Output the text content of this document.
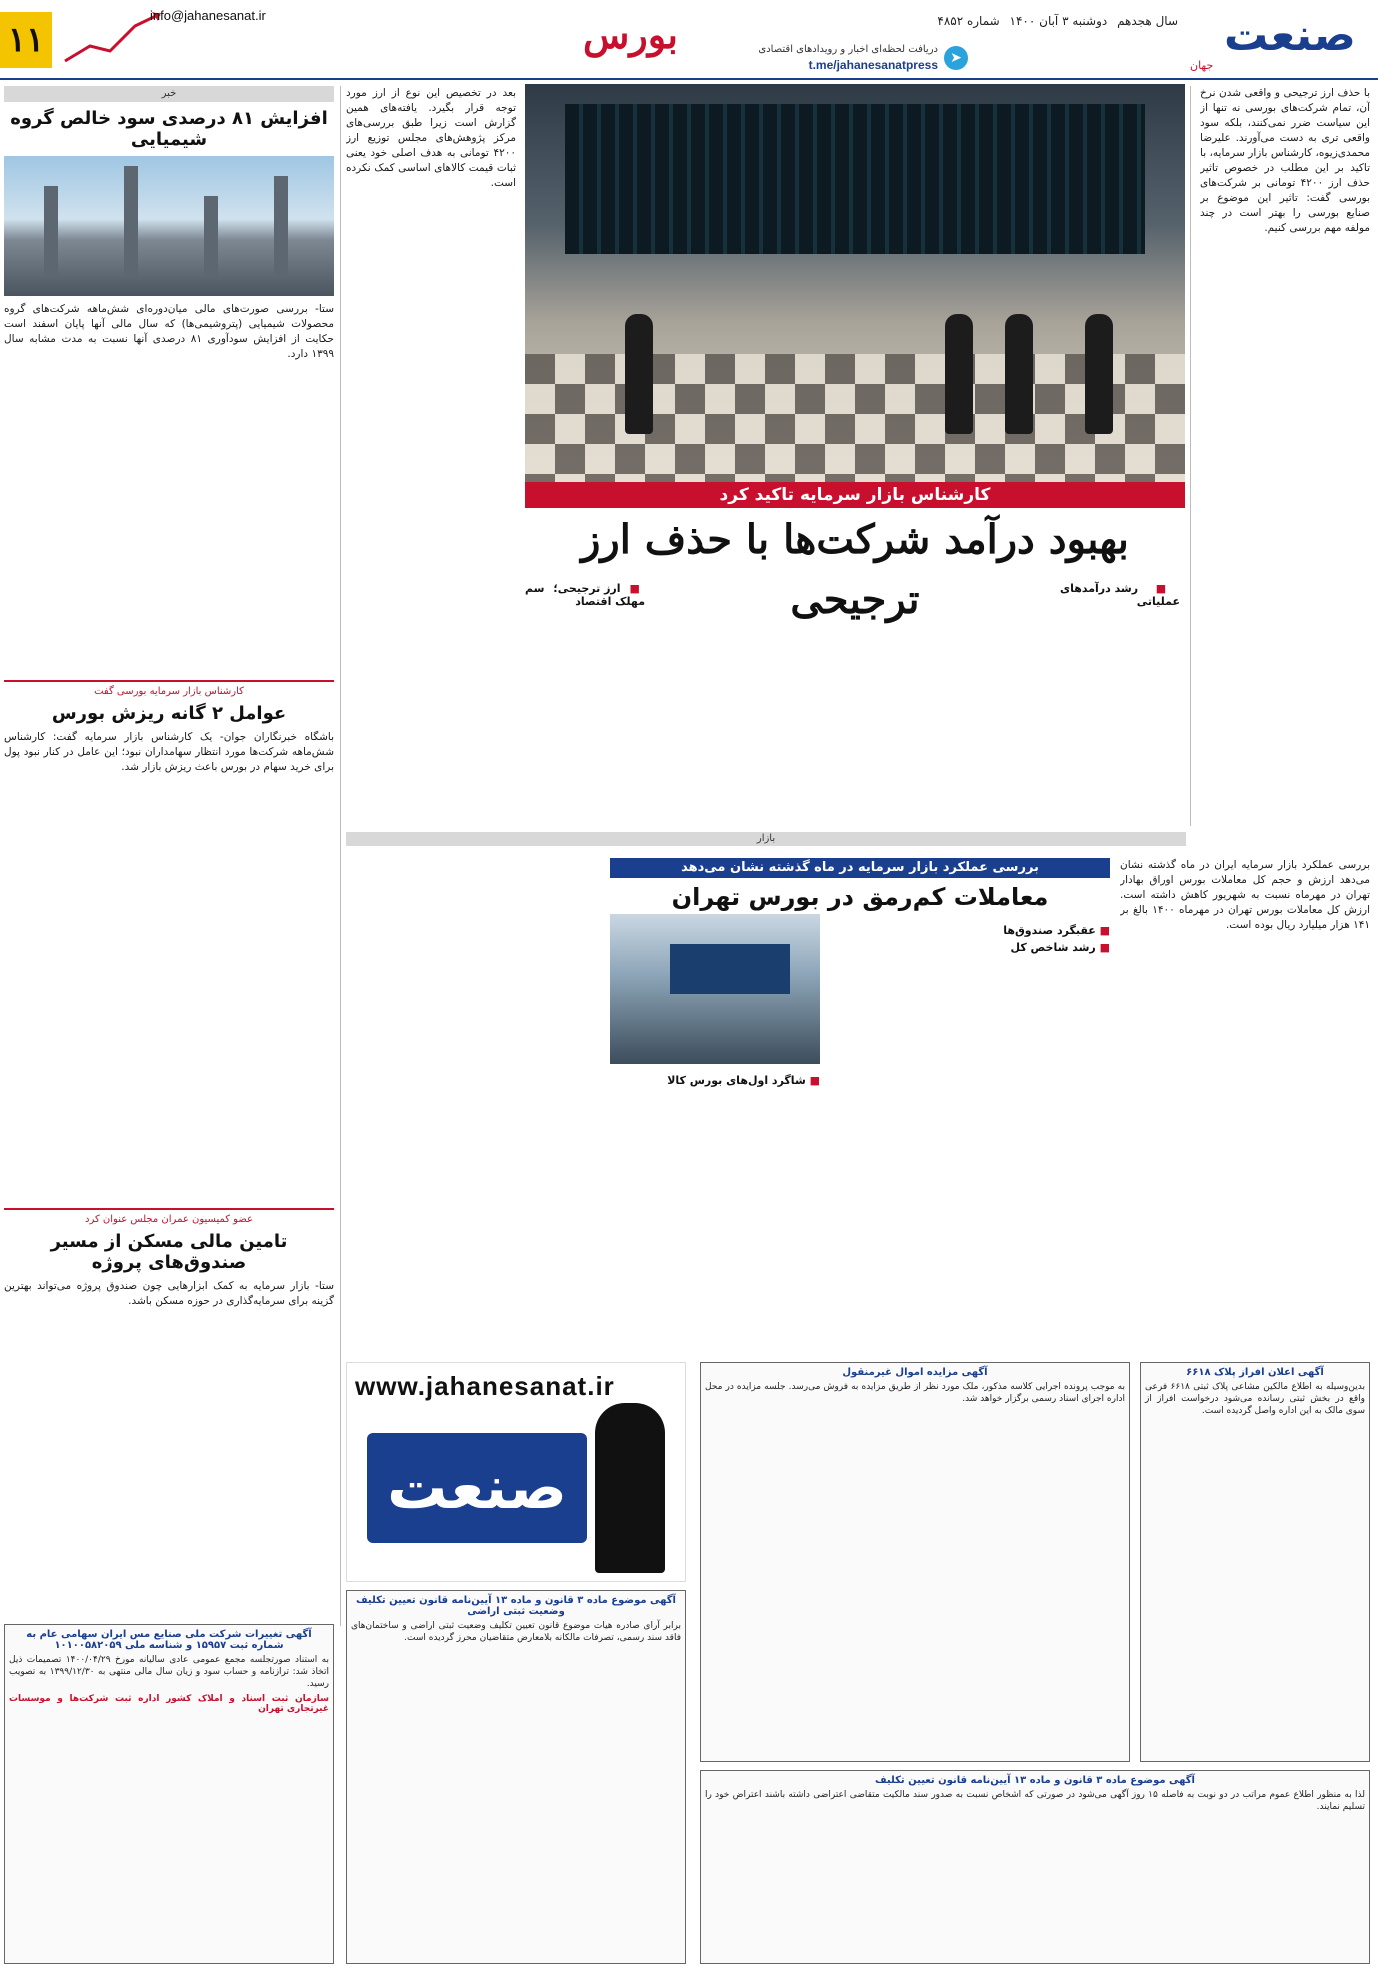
صنعت
جهان
سال هجدهم دوشنبه ۳ آبان ۱۴۰۰ شماره ۴۸۵۲
➤
دریافت لحظه‌ای اخبار و رویدادهای اقتصادی
t.me/jahanesanatpress
بورس
info@jahanesanat.ir
۱۱

با حذف ارز ترجیحی و واقعی شدن نرخ آن، تمام شرکت‌های بورسی نه تنها از این سیاست ضرر نمی‌کنند، بلکه سود واقعی تری به دست می‌آورند. علیرضا محمدی‌زیوه، کارشناس بازار سرمایه، با تاکید بر این مطلب در خصوص تاثیر حذف ارز ۴۲۰۰ تومانی بر شرکت‌های بورسی گفت: تاثیر این موضوع بر صنایع بورسی را بهتر است در چند مولفه مهم بررسی کنیم.

کارشناس بازار سرمایه تاکید کرد
بهبود درآمد شرکت‌ها با حذف ارز ترجیحی

بعد در تخصیص این نوع از ارز مورد توجه قرار بگیرد. یافته‌های همین گزارش است زیرا طبق بررسی‌های مرکز پژوهش‌های مجلس توزیع ارز ۴۲۰۰ تومانی به هدف اصلی خود یعنی ثبات قیمت کالاهای اساسی کمک نکرده است.

■ رشد درآمدهای عملیاتی

■ ارز ترجیحی؛ سم مهلک اقتصاد

خبر
افزایش ۸۱ درصدی سود خالص گروه شیمیایی

ستا- بررسی صورت‌های مالی میان‌دوره‌ای شش‌ماهه شرکت‌های گروه محصولات شیمیایی (پتروشیمی‌ها) که سال مالی آنها پایان اسفند است حکایت از افزایش سودآوری ۸۱ درصدی آنها نسبت به مدت مشابه سال ۱۳۹۹ دارد.

کارشناس بازار سرمایه بورسی گفت
عوامل ۲ گانه ریزش بورس

باشگاه خبرنگاران جوان- یک کارشناس بازار سرمایه گفت: کارشناس شش‌ماهه شرکت‌ها مورد انتظار سهامداران نبود؛ این عامل در کنار نبود پول برای خرید سهام در بورس باعث ریزش بازار شد.

عضو کمیسیون عمران مجلس عنوان کرد
تامین مالی مسکن از مسیر صندوق‌های پروژه

ستا- بازار سرمایه به کمک ابزارهایی چون صندوق پروژه می‌تواند بهترین گزینه برای سرمایه‌گذاری در حوزه مسکن باشد.

بازار

بررسی عملکرد بازار سرمایه ایران در ماه گذشته نشان می‌دهد ارزش و حجم کل معاملات بورس اوراق بهادار تهران در مهرماه نسبت به شهریور کاهش داشته است. ارزش کل معاملات بورس تهران در مهرماه ۱۴۰۰ بالغ بر ۱۴۱ هزار میلیارد ریال بوده است.

بررسی عملکرد بازار سرمایه در ماه گذشته نشان می‌دهد
معاملات کم‌رمق در بورس تهران

■ عقبگرد صندوق‌ها

■ رشد شاخص کل

■ شاگرد اول‌های بورس کالا

www.jahanesanat.ir
صنعت
آگهی تغییرات شرکت ملی صنایع مس ایران سهامی عام به شماره ثبت ۱۵۹۵۷ و شناسه ملی ۱۰۱۰۰۵۸۲۰۵۹

به استناد صورتجلسه مجمع عمومی عادی سالیانه مورخ ۱۴۰۰/۰۴/۲۹ تصمیمات ذیل اتخاذ شد: ترازنامه و حساب سود و زیان سال مالی منتهی به ۱۳۹۹/۱۲/۳۰ به تصویب رسید.

سازمان ثبت اسناد و املاک کشور اداره ثبت شرکت‌ها و موسسات غیرتجاری تهران
آگهی اعلان افراز پلاک ۶۶۱۸

بدین‌وسیله به اطلاع مالکین مشاعی پلاک ثبتی ۶۶۱۸ فرعی واقع در بخش ثبتی رسانده می‌شود درخواست افراز از سوی مالک به این اداره واصل گردیده است.

آگهی مزایده اموال غیرمنقول

به موجب پرونده اجرایی کلاسه مذکور، ملک مورد نظر از طریق مزایده به فروش می‌رسد. جلسه مزایده در محل اداره اجرای اسناد رسمی برگزار خواهد شد.

آگهی موضوع ماده ۳ قانون و ماده ۱۳ آیین‌نامه قانون تعیین تکلیف وضعیت ثبتی اراضی

برابر آرای صادره هیات موضوع قانون تعیین تکلیف وضعیت ثبتی اراضی و ساختمان‌های فاقد سند رسمی، تصرفات مالکانه بلامعارض متقاضیان محرز گردیده است.

آگهی موضوع ماده ۳ قانون و ماده ۱۳ آیین‌نامه قانون تعیین تکلیف

لذا به منظور اطلاع عموم مراتب در دو نوبت به فاصله ۱۵ روز آگهی می‌شود در صورتی که اشخاص نسبت به صدور سند مالکیت متقاضی اعتراضی داشته باشند اعتراض خود را تسلیم نمایند.
